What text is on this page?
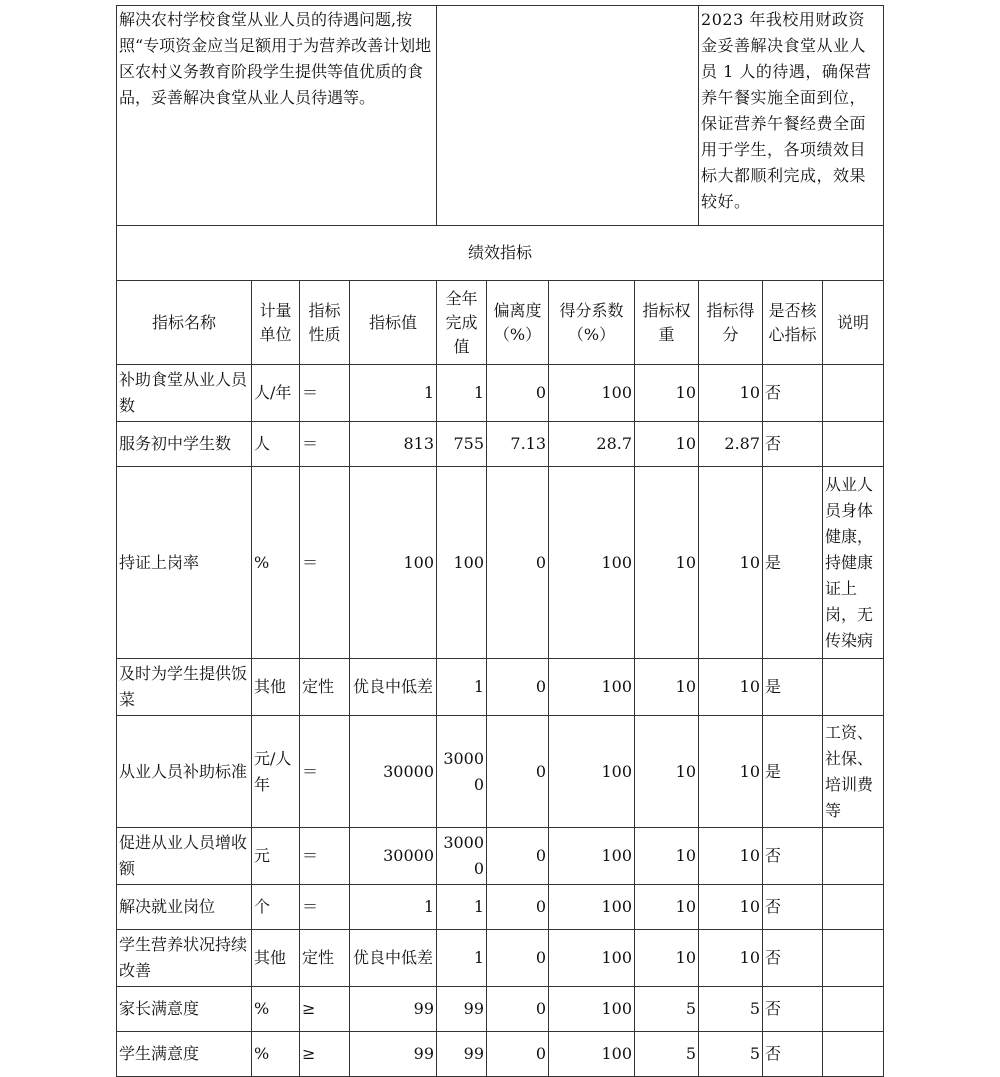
解决农村学校食堂从业人员的待遇问题,按照“专项资金应当足额用于为营养改善计划地区农村义务教育阶段学生提供等值优质的食品，妥善解决食堂从业人员待遇等。								2023 年我校用财政资金妥善解决食堂从业人员 1 人的待遇，确保营养午餐实施全面到位，保证营养午餐经费全面用于学生，各项绩效目标大都顺利完成，效果较好。		
绩效指标										
指标名称	计量单位	指标性质	指标值	全年完成值	偏离度（%）	得分系数（%）	指标权重	指标得分	是否核心指标	说明
补助食堂从业人员数	人/年	＝	1	1	0	100	10	10	否	
服务初中学生数	人	＝	813	755	7.13	28.7	10	2.87	否	
持证上岗率	%	＝	100	100	0	100	10	10	是	从业人员身体健康，持健康证上岗，无传染病
及时为学生提供饭菜	其他	定性	优良中低差	1	0	100	10	10	是	
从业人员补助标准	元/人年	＝	30000	30000	0	100	10	10	是	工资、社保、培训费等
促进从业人员增收额	元	＝	30000	30000	0	100	10	10	否	
解决就业岗位	个	＝	1	1	0	100	10	10	否	
学生营养状况持续改善	其他	定性	优良中低差	1	0	100	10	10	否	
家长满意度	%	≥	99	99	0	100	5	5	否	
学生满意度	%	≥	99	99	0	100	5	5	否	
